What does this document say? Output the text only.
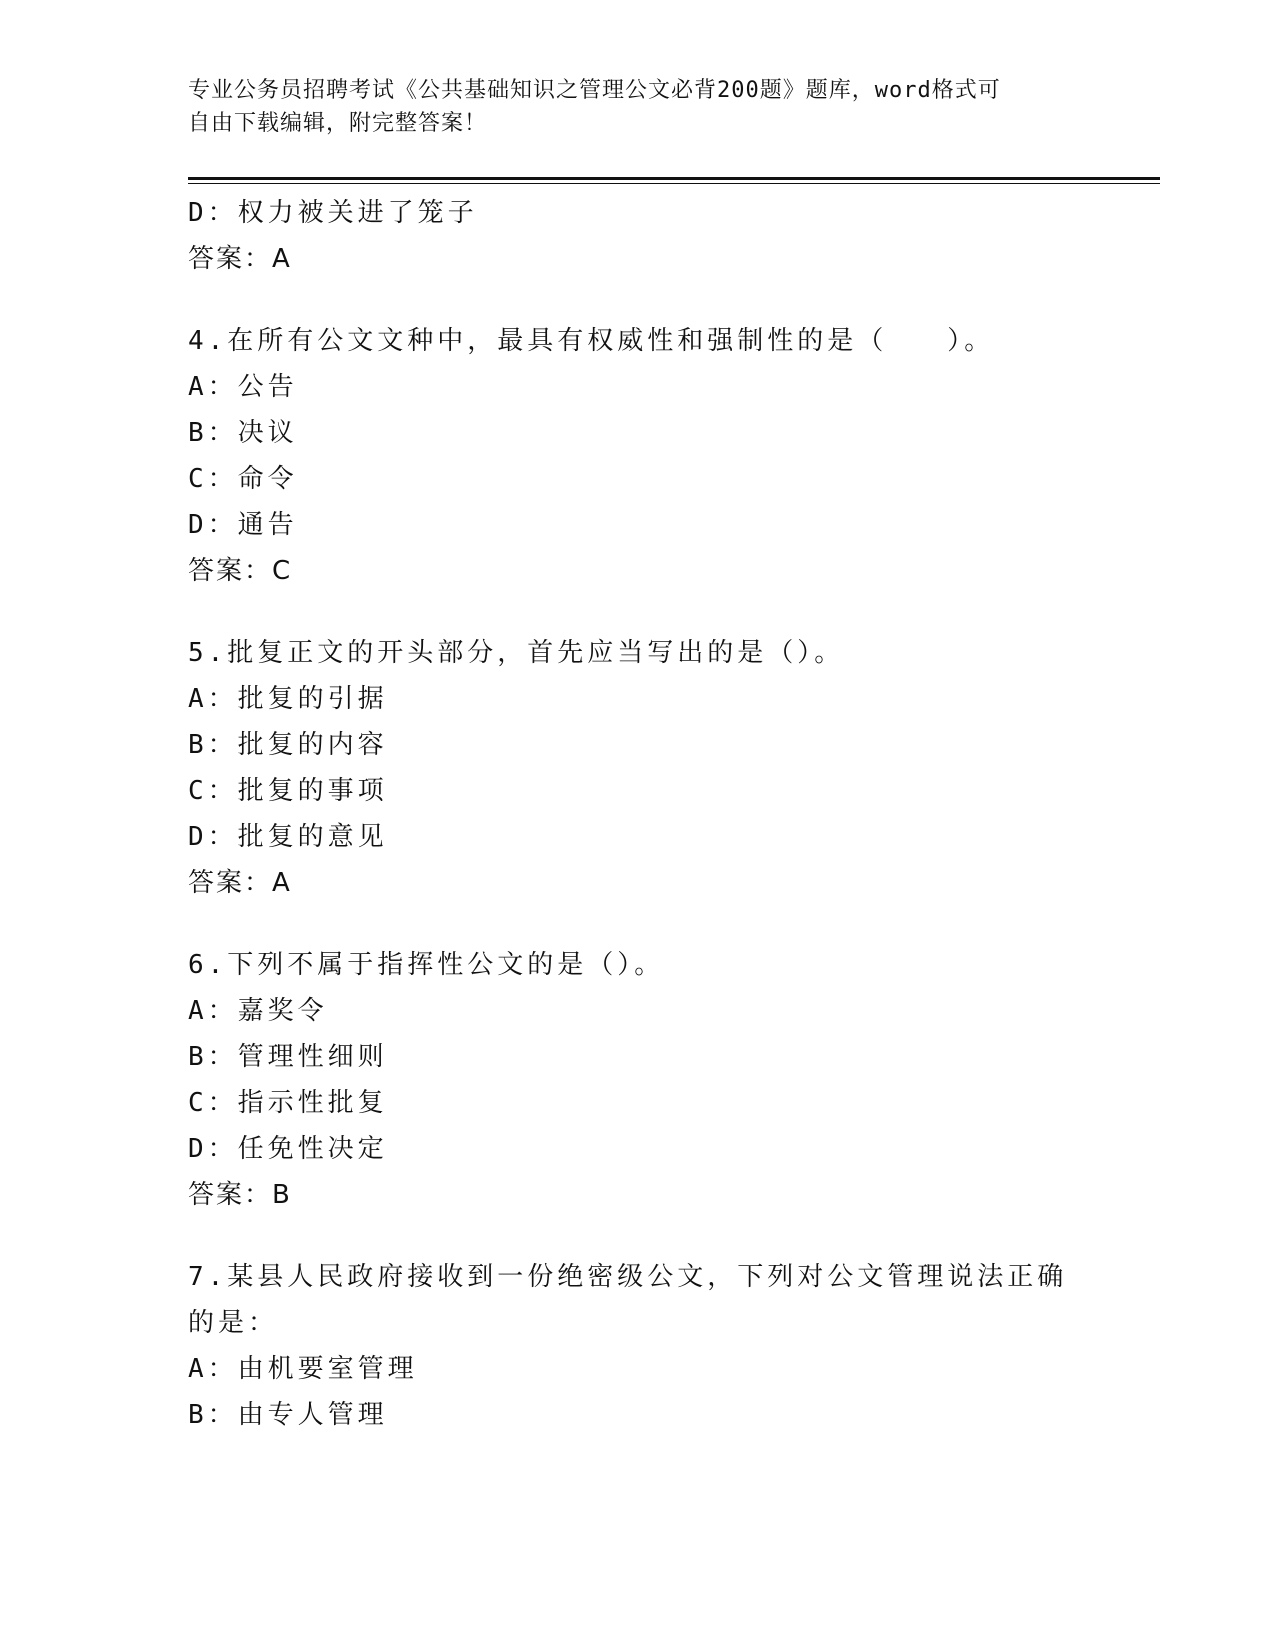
专业公务员招聘考试《公共基础知识之管理公文必背200题》题库，word格式可
自由下载编辑，附完整答案！
D：权力被关进了笼子
答案：A
4.在所有公文文种中，最具有权威性和强制性的是（　　）。
A：公告
B：决议
C：命令
D：通告
答案：C
5.批复正文的开头部分，首先应当写出的是（）。
A：批复的引据
B：批复的内容
C：批复的事项
D：批复的意见
答案：A
6.下列不属于指挥性公文的是（）。
A：嘉奖令
B：管理性细则
C：指示性批复
D：任免性决定
答案：B
7.某县人民政府接收到一份绝密级公文，下列对公文管理说法正确的是：
A：由机要室管理
B：由专人管理
